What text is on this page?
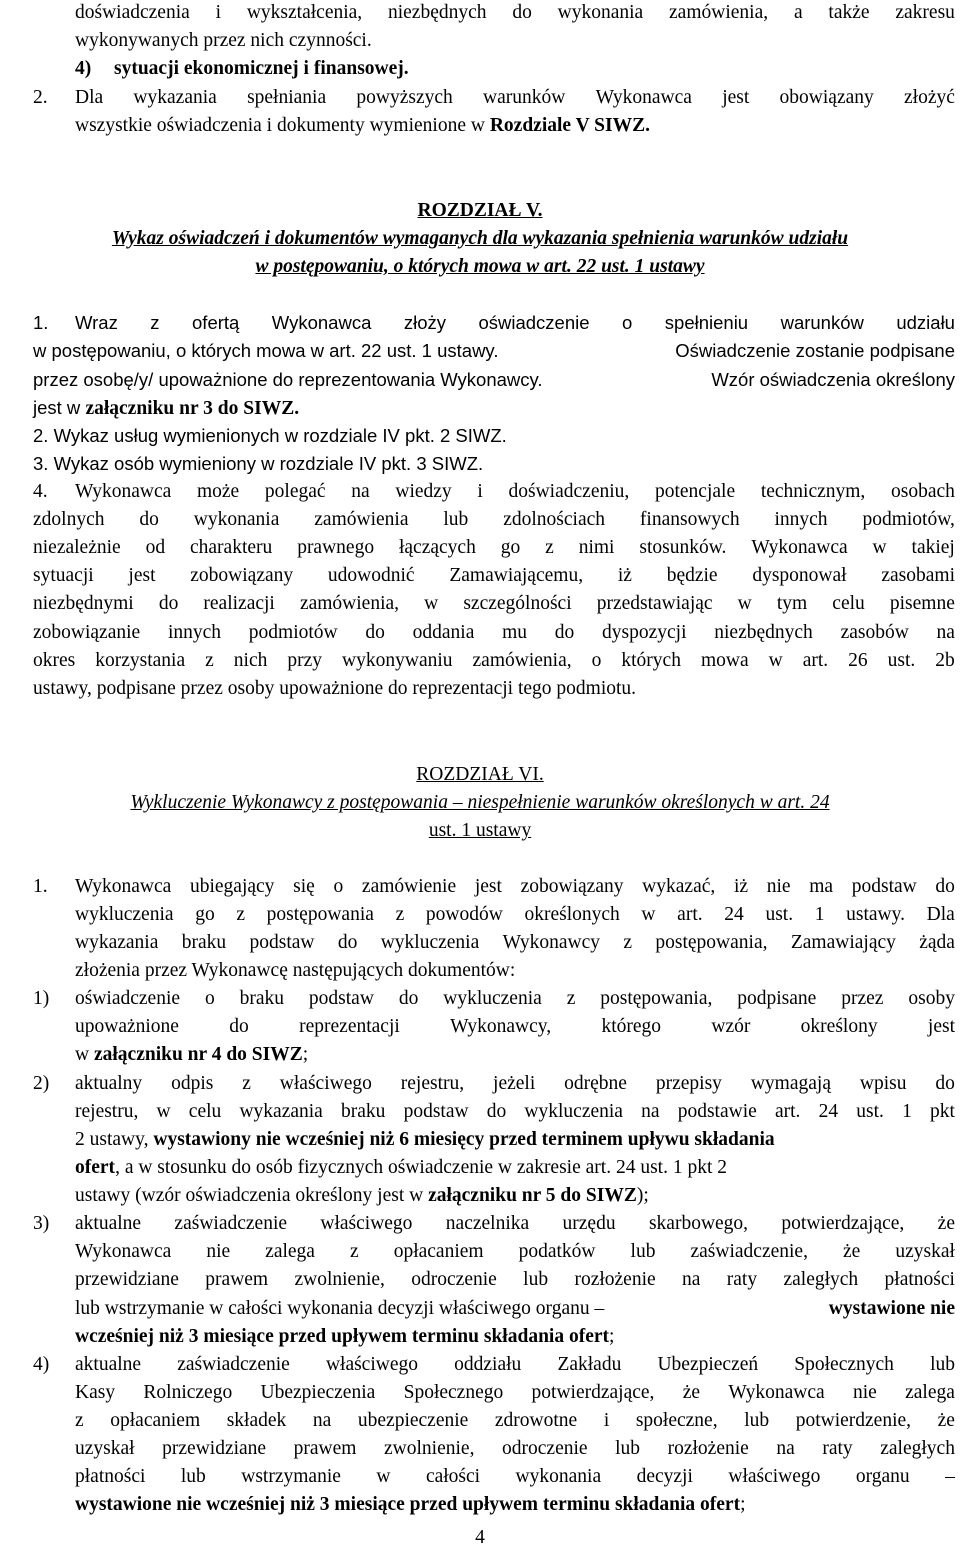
doświadczenia i wykształcenia, niezbędnych do wykonania zamówienia, a także zakresu
wykonywanych przez nich czynności.
4) sytuacji ekonomicznej i finansowej.
2. Dla wykazania spełniania powyższych warunków Wykonawca jest obowiązany złożyć
wszystkie oświadczenia i dokumenty wymienione w Rozdziale V SIWZ.
ROZDZIAŁ V.
Wykaz oświadczeń i dokumentów wymaganych dla wykazania spełnienia warunków udziału
w postępowaniu, o których mowa w art. 22 ust. 1 ustawy
1. Wraz z ofertą Wykonawca złoży oświadczenie o spełnieniu warunków udziału
w postępowaniu, o których mowa w art. 22 ust. 1 ustawy.	Oświadczenie zostanie podpisane
przez osobę/y/ upoważnione do reprezentowania Wykonawcy.	Wzór oświadczenia określony
jest w załączniku nr 3 do SIWZ.
2. Wykaz usług wymienionych w rozdziale IV pkt. 2 SIWZ.
3. Wykaz osób wymieniony w rozdziale IV pkt. 3 SIWZ.
4. Wykonawca może polegać na wiedzy i doświadczeniu, potencjale technicznym, osobach
zdolnych do wykonania zamówienia lub zdolnościach finansowych innych podmiotów,
niezależnie od charakteru prawnego łączących go z nimi stosunków. Wykonawca w takiej
sytuacji jest zobowiązany udowodnić Zamawiającemu, iż będzie dysponował zasobami
niezbędnymi do realizacji zamówienia, w szczególności przedstawiając w tym celu pisemne
zobowiązanie innych podmiotów do oddania mu do dyspozycji niezbędnych zasobów na
okres korzystania z nich przy wykonywaniu zamówienia, o których mowa w art. 26 ust. 2b
ustawy, podpisane przez osoby upoważnione do reprezentacji tego podmiotu.
ROZDZIAŁ VI.
Wykluczenie Wykonawcy z postępowania – niespełnienie warunków określonych w art. 24
ust. 1 ustawy
1. Wykonawca ubiegający się o zamówienie jest zobowiązany wykazać, iż nie ma podstaw do
wykluczenia go z postępowania z powodów określonych w art. 24 ust. 1 ustawy. Dla
wykazania braku podstaw do wykluczenia Wykonawcy z postępowania, Zamawiający żąda
złożenia przez Wykonawcę następujących dokumentów:
1) oświadczenie o braku podstaw do wykluczenia z postępowania, podpisane przez osoby
upoważnione	do	reprezentacji	Wykonawcy,	którego	wzór	określony	jest
w załączniku nr 4 do SIWZ;
2) aktualny odpis z właściwego rejestru, jeżeli odrębne przepisy wymagają wpisu do
rejestru, w celu wykazania braku podstaw do wykluczenia na podstawie art. 24 ust. 1 pkt
2 ustawy, wystawiony nie wcześniej niż 6 miesięcy przed terminem upływu składania
ofert, a w stosunku do osób fizycznych oświadczenie w zakresie art. 24 ust. 1 pkt 2
ustawy (wzór oświadczenia określony jest w załączniku nr 5 do SIWZ);
3) aktualne zaświadczenie właściwego naczelnika urzędu skarbowego, potwierdzające, że
Wykonawca nie zalega z opłacaniem podatków lub zaświadczenie, że uzyskał
przewidziane prawem zwolnienie, odroczenie lub rozłożenie na raty zaległych płatności
lub wstrzymanie w całości wykonania decyzji właściwego organu –	wystawione nie
wcześniej niż 3 miesiące przed upływem terminu składania ofert;
4) aktualne zaświadczenie właściwego oddziału Zakładu Ubezpieczeń Społecznych lub
Kasy Rolniczego Ubezpieczenia Społecznego potwierdzające, że Wykonawca nie zalega
z opłacaniem składek na ubezpieczenie zdrowotne i społeczne, lub potwierdzenie, że
uzyskał przewidziane prawem zwolnienie, odroczenie lub rozłożenie na raty zaległych
płatności lub wstrzymanie w całości wykonania decyzji właściwego organu –
wystawione nie wcześniej niż 3 miesiące przed upływem terminu składania ofert;
4
